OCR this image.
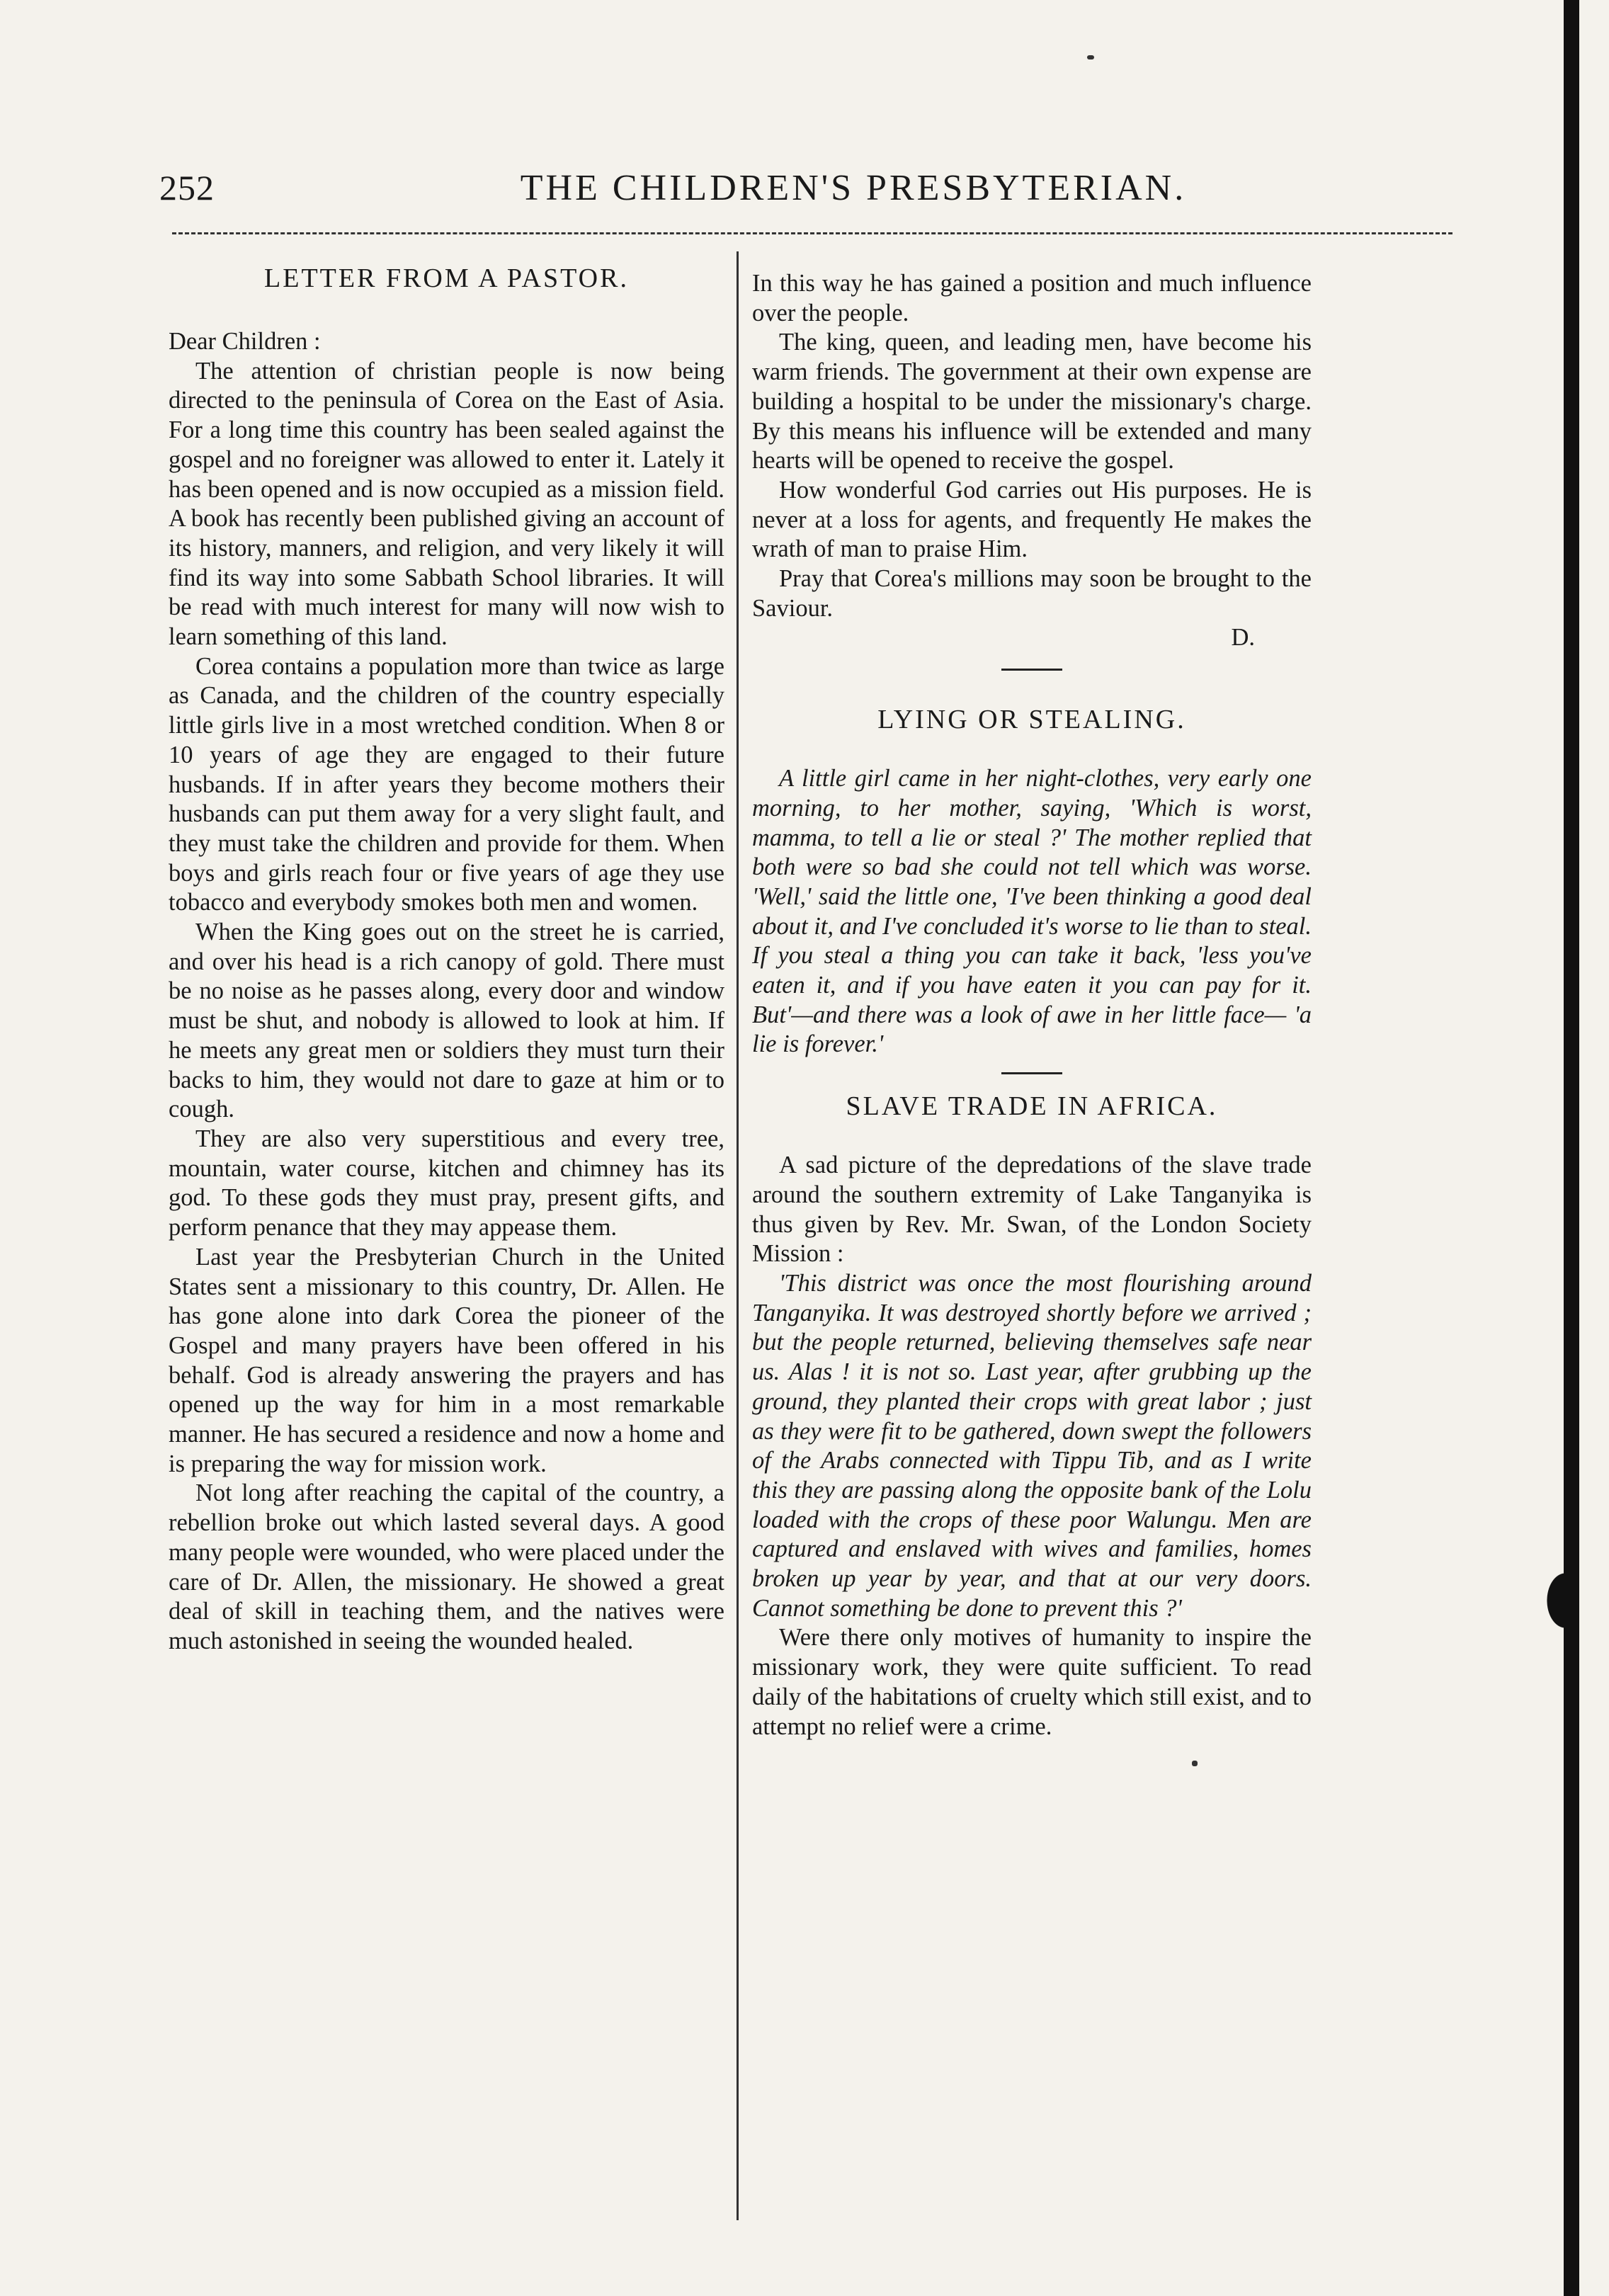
252	THE CHILDREN'S PRESBYTERIAN.
LETTER FROM A PASTOR.

Dear Children :

The attention of christian people is now being directed to the peninsula of Corea on the East of Asia. For a long time this country has been sealed against the gospel and no foreigner was allowed to enter it. Lately it has been opened and is now occupied as a mission field. A book has recently been published giving an account of its history, manners, and religion, and very likely it will find its way into some Sabbath School libraries. It will be read with much interest for many will now wish to learn something of this land.

Corea contains a population more than twice as large as Canada, and the children of the country especially little girls live in a most wretched condition. When 8 or 10 years of age they are engaged to their future husbands. If in after years they become mothers their husbands can put them away for a very slight fault, and they must take the children and provide for them. When boys and girls reach four or five years of age they use tobacco and everybody smokes both men and women.

When the King goes out on the street he is carried, and over his head is a rich canopy of gold. There must be no noise as he passes along, every door and window must be shut, and nobody is allowed to look at him. If he meets any great men or soldiers they must turn their backs to him, they would not dare to gaze at him or to cough.

They are also very superstitious and every tree, mountain, water course, kitchen and chimney has its god. To these gods they must pray, present gifts, and perform penance that they may appease them.

Last year the Presbyterian Church in the United States sent a missionary to this country, Dr. Allen. He has gone alone into dark Corea the pioneer of the Gospel and many prayers have been offered in his behalf. God is already answering the prayers and has opened up the way for him in a most remarkable manner. He has secured a residence and now a home and is preparing the way for mission work.

Not long after reaching the capital of the country, a rebellion broke out which lasted several days. A good many people were wounded, who were placed under the care of Dr. Allen, the missionary. He showed a great deal of skill in teaching them, and the natives were much astonished in seeing the wounded healed.

In this way he has gained a position and much influence over the people.

The king, queen, and leading men, have become his warm friends. The government at their own expense are building a hospital to be under the missionary's charge. By this means his influence will be extended and many hearts will be opened to receive the gospel.

How wonderful God carries out His purposes. He is never at a loss for agents, and frequently He makes the wrath of man to praise Him.

Pray that Corea's millions may soon be brought to the Saviour.

D.

LYING OR STEALING.

A little girl came in her night-clothes, very early one morning, to her mother, saying, 'Which is worst, mamma, to tell a lie or steal ?' The mother replied that both were so bad she could not tell which was worse. 'Well,' said the little one, 'I've been thinking a good deal about it, and I've concluded it's worse to lie than to steal. If you steal a thing you can take it back, 'less you've eaten it, and if you have eaten it you can pay for it. But'—and there was a look of awe in her little face— 'a lie is forever.'

SLAVE TRADE IN AFRICA.

A sad picture of the depredations of the slave trade around the southern extremity of Lake Tanganyika is thus given by Rev. Mr. Swan, of the London Society Mission :

'This district was once the most flourishing around Tanganyika. It was destroyed shortly before we arrived ; but the people returned, believing themselves safe near us. Alas ! it is not so. Last year, after grubbing up the ground, they planted their crops with great labor ; just as they were fit to be gathered, down swept the followers of the Arabs connected with Tippu Tib, and as I write this they are passing along the opposite bank of the Lolu loaded with the crops of these poor Walungu. Men are captured and enslaved with wives and families, homes broken up year by year, and that at our very doors. Cannot something be done to prevent this ?'

Were there only motives of humanity to inspire the missionary work, they were quite sufficient. To read daily of the habitations of cruelty which still exist, and to attempt no relief were a crime.
